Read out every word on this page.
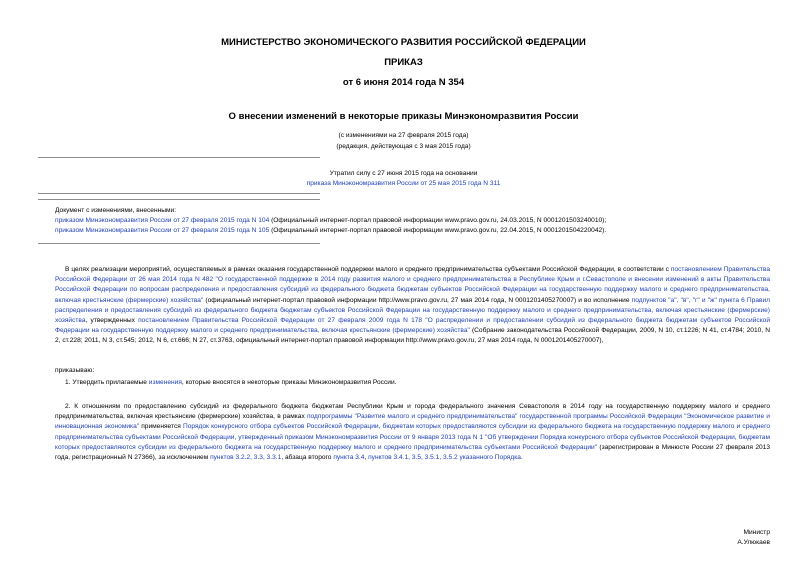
МИНИСТЕРСТВО ЭКОНОМИЧЕСКОГО РАЗВИТИЯ РОССИЙСКОЙ ФЕДЕРАЦИИ
ПРИКАЗ
от 6 июня 2014 года N 354
О внесении изменений в некоторые приказы Минэкономразвития России
(с изменениями на 27 февраля 2015 года)
(редакция, действующая с 3 мая 2015 года)
Утратил силу с 27 июня 2015 года на основании
приказа Минэкономразвития России от 25 мая 2015 года N 311
Документ с изменениями, внесенными:
приказом Минэкономразвития России от 27 февраля 2015 года N 104 (Официальный интернет-портал правовой информации www.pravo.gov.ru, 24.03.2015, N 0001201503240010);
приказом Минэкономразвития России от 27 февраля 2015 года N 105 (Официальный интернет-портал правовой информации www.pravo.gov.ru, 22.04.2015, N 0001201504220042).
В целях реализации мероприятий, осуществляемых в рамках оказания государственной поддержки малого и среднего предпринимательства субъектами Российской Федерации, в соответствии с постановлением Правительства Российской Федерации от 26 мая 2014 года N 482 "О государственной поддержке в 2014 году развития малого и среднего предпринимательства в Республике Крым и г.Севастополе и внесении изменений в акты Правительства Российской Федерации по вопросам распределения и предоставления субсидий из федерального бюджета бюджетам субъектов Российской Федерации на государственную поддержку малого и среднего предпринимательства, включая крестьянские (фермерские) хозяйства" (официальный интернет-портал правовой информации http://www.pravo.gov.ru, 27 мая 2014 года, N 0001201405270007) и во исполнение подпунктов "а", "в", "г" и "ж" пункта 6 Правил распределения и предоставления субсидий из федерального бюджета бюджетам субъектов Российской Федерации на государственную поддержку малого и среднего предпринимательства, включая крестьянские (фермерские) хозяйства, утвержденных постановлением Правительства Российской Федерации от 27 февраля 2009 года N 178 "О распределении и предоставлении субсидий из федерального бюджета бюджетам субъектов Российской Федерации на государственную поддержку малого и среднего предпринимательства, включая крестьянские (фермерские) хозяйства" (Собрание законодательства Российской Федерации, 2009, N 10, ст.1226; N 41, ст.4784; 2010, N 2, ст.228; 2011, N 3, ст.545; 2012, N 6, ст.666; N 27, ст.3763, официальный интернет-портал правовой информации http://www.pravo.gov.ru, 27 мая 2014 года, N 0001201405270007),
приказываю:
1. Утвердить прилагаемые изменения, которые вносятся в некоторые приказы Минэкономразвития России.
2. К отношениям по предоставлению субсидий из федерального бюджета бюджетам Республики Крым и города федерального значения Севастополя в 2014 году на государственную поддержку малого и среднего предпринимательства, включая крестьянские (фермерские) хозяйства, в рамках подпрограммы "Развитие малого и среднего предпринимательства" государственной программы Российской Федерации "Экономическое развитие и инновационная экономика" применяется Порядок конкурсного отбора субъектов Российской Федерации, бюджетам которых предоставляются субсидии из федерального бюджета на государственную поддержку малого и среднего предпринимательства субъектами Российской Федерации, утвержденный приказом Минэкономразвития России от 9 января 2013 года N 1 "Об утверждении Порядка конкурсного отбора субъектов Российской Федерации, бюджетам которых предоставляются субсидии из федерального бюджета на государственную поддержку малого и среднего предпринимательства субъектами Российской Федерации" (зарегистрирован в Минюсте России 27 февраля 2013 года, регистрационный N 27366), за исключением пунктов 3.2.2, 3.3, 3.3.1, абзаца второго пункта 3.4, пунктов 3.4.1, 3.5, 3.5.1, 3.5.2 указанного Порядка.
Министр
А.Улюкаев
